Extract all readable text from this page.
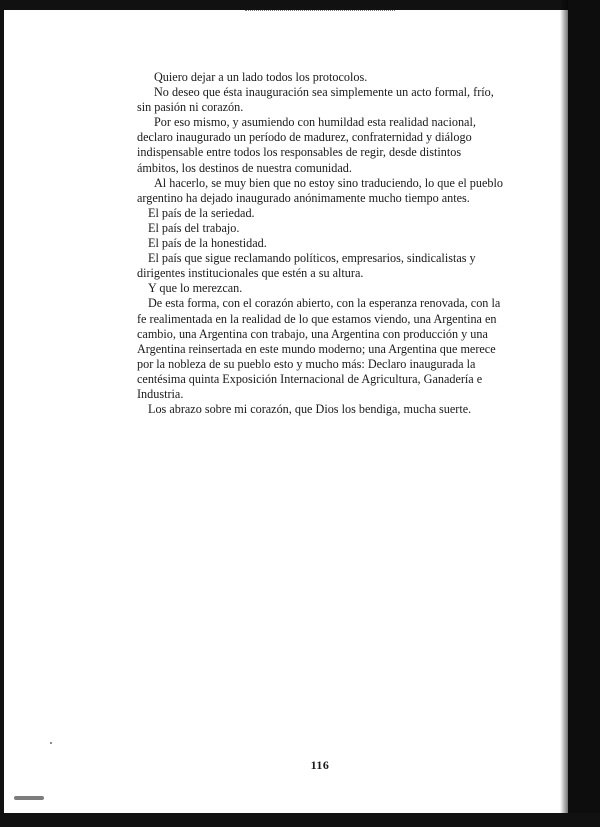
Quiero dejar a un lado todos los protocolos.

No deseo que ésta inauguración sea simplemente un acto formal, frío, sin pasión ni corazón.

Por eso mismo, y asumiendo con humildad esta realidad nacional, declaro inaugurado un período de madurez, confraternidad y diálogo indispensable entre todos los responsables de regir, desde distintos ámbitos, los destinos de nuestra comunidad.

Al hacerlo, se muy bien que no estoy sino traduciendo, lo que el pueblo argentino ha dejado inaugurado anónimamente mucho tiempo antes.

El país de la seriedad.

El país del trabajo.

El país de la honestidad.

El país que sigue reclamando políticos, empresarios, sindicalistas y dirigentes institucionales que estén a su altura.

Y que lo merezcan.

De esta forma, con el corazón abierto, con la esperanza renovada, con la fe realimentada en la realidad de lo que estamos viendo, una Argentina en cambio, una Argentina con trabajo, una Argentina con producción y una Argentina reinsertada en este mundo moderno; una Argentina que merece por la nobleza de su pueblo esto y mucho más: Declaro inaugurada la centésima quinta Exposición Internacional de Agricultura, Ganadería e Industria.

Los abrazo sobre mi corazón, que Dios los bendiga, mucha suerte.

116
